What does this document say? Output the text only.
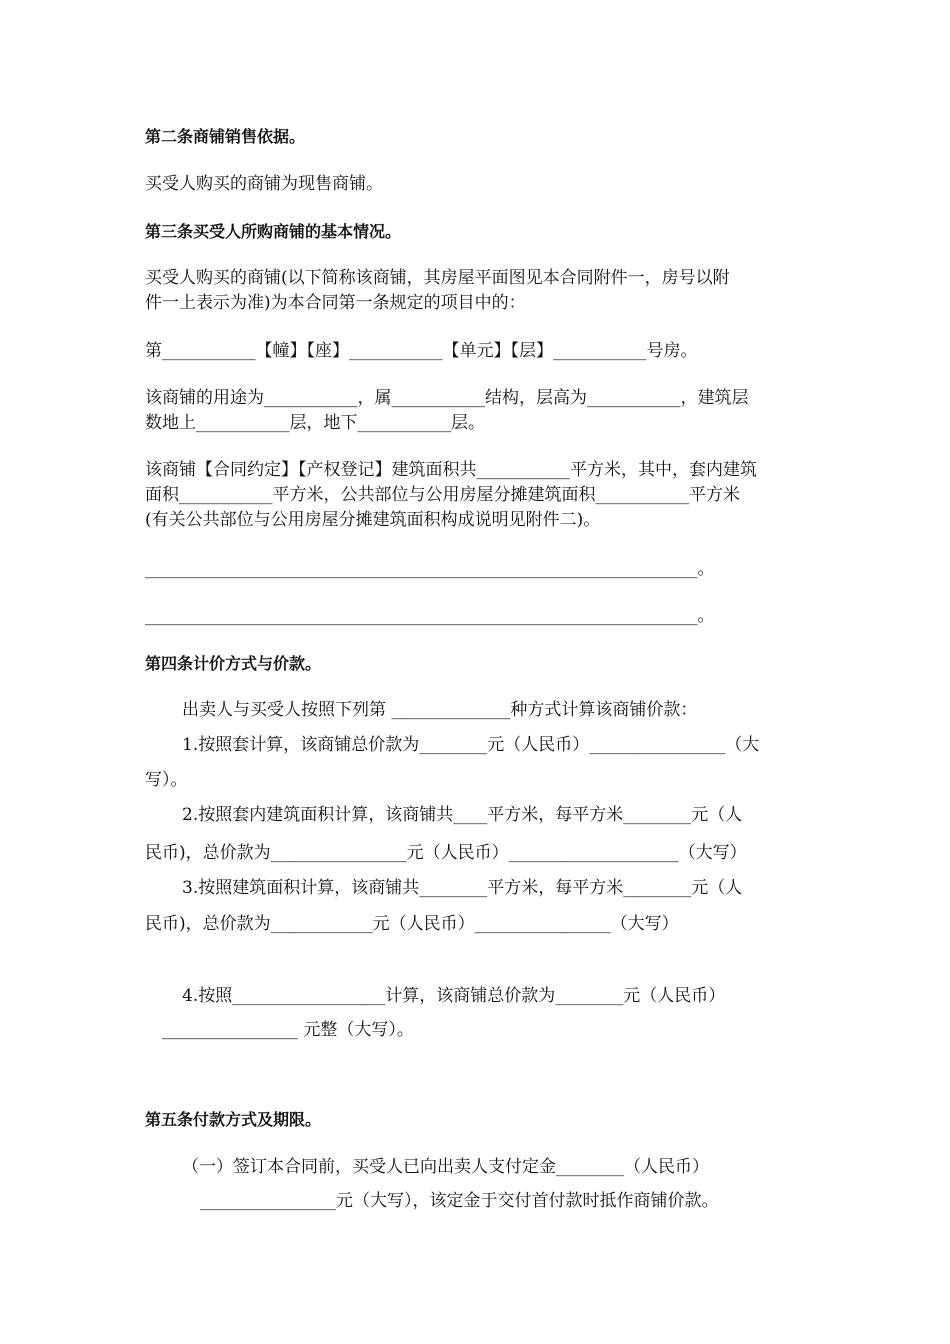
第二条商铺销售依据。
买受人购买的商铺为现售商铺。
第三条买受人所购商铺的基本情况。
买受人购买的商铺(以下简称该商铺，其房屋平面图见本合同附件一，房号以附
件一上表示为准)为本合同第一条规定的项目中的：
第___________【幢】【座】___________【单元】【层】___________号房。
该商铺的用途为___________，属___________结构，层高为___________，建筑层
数地上___________层，地下___________层。
该商铺【合同约定】【产权登记】建筑面积共___________平方米，其中，套内建筑
面积___________平方米，公共部位与公用房屋分摊建筑面积___________平方米
(有关公共部位与公用房屋分摊建筑面积构成说明见附件二)。
_________________________________________________________________。
_________________________________________________________________。
第四条计价方式与价款。
出卖人与买受人按照下列第 ______________种方式计算该商铺价款：
1.按照套计算，该商铺总价款为________元（人民币）________________（大
写）。
2.按照套内建筑面积计算，该商铺共____平方米，每平方米________元（人
民币)，总价款为________________元（人民币）____________________（大写）
3.按照建筑面积计算，该商铺共________平方米，每平方米________元（人
民币)，总价款为____________元（人民币）________________（大写）
4.按照__________________计算，该商铺总价款为________元（人民币）
________________ 元整（大写）。
第五条付款方式及期限。
（一）签订本合同前，买受人已向出卖人支付定金________（人民币）
________________元（大写），该定金于交付首付款时抵作商铺价款。
